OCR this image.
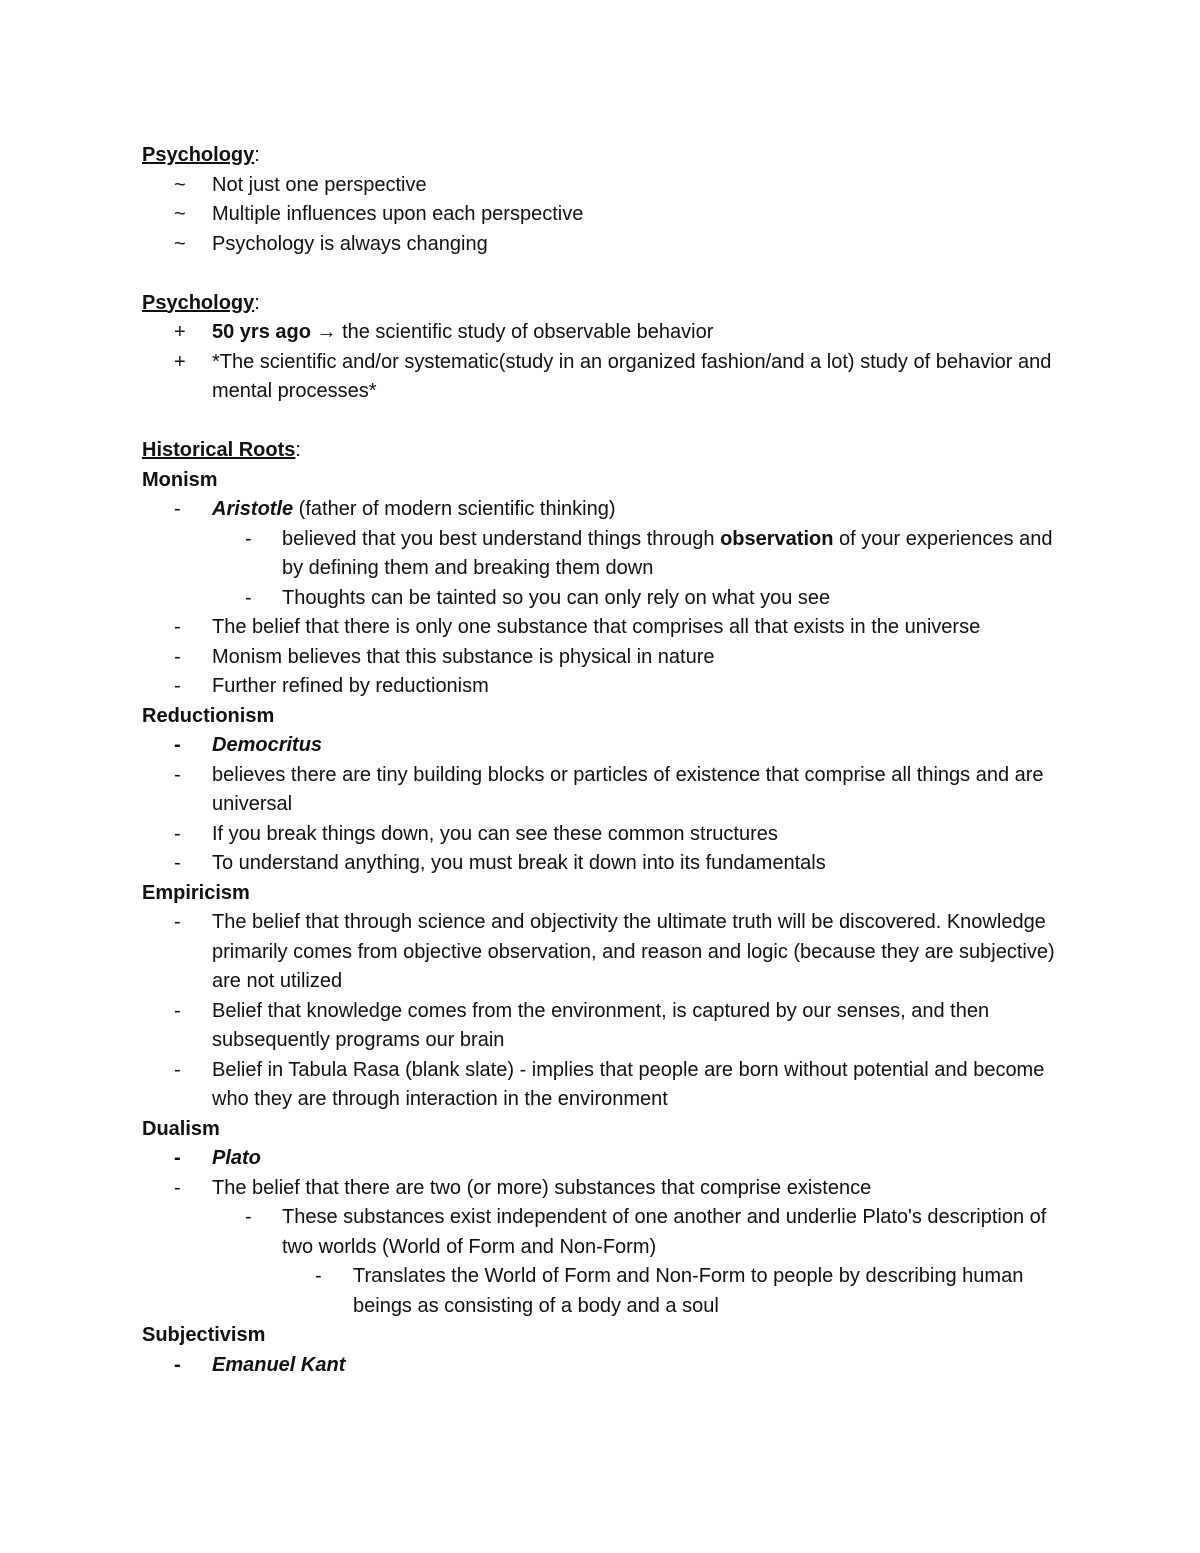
Psychology:
~	Not just one perspective
~	Multiple influences upon each perspective
~	Psychology is always changing
Psychology:
+	50 yrs ago → the scientific study of observable behavior
+	*The scientific and/or systematic(study in an organized fashion/and a lot) study of behavior and mental processes*
Historical Roots:
Monism
-	Aristotle (father of modern scientific thinking)
-	believed that you best understand things through observation of your experiences and by defining them and breaking them down
-	Thoughts can be tainted so you can only rely on what you see
-	The belief that there is only one substance that comprises all that exists in the universe
-	Monism believes that this substance is physical in nature
-	Further refined by reductionism
Reductionism
-	Democritus
-	believes there are tiny building blocks or particles of existence that comprise all things and are universal
-	If you break things down, you can see these common structures
-	To understand anything, you must break it down into its fundamentals
Empiricism
-	The belief that through science and objectivity the ultimate truth will be discovered. Knowledge primarily comes from objective observation, and reason and logic (because they are subjective) are not utilized
-	Belief that knowledge comes from the environment, is captured by our senses, and then subsequently programs our brain
-	Belief in Tabula Rasa (blank slate) - implies that people are born without potential and become who they are through interaction in the environment
Dualism
-	Plato
-	The belief that there are two (or more) substances that comprise existence
-	These substances exist independent of one another and underlie Plato's description of two worlds (World of Form and Non-Form)
-	Translates the World of Form and Non-Form to people by describing human beings as consisting of a body and a soul
Subjectivism
-	Emanuel Kant
